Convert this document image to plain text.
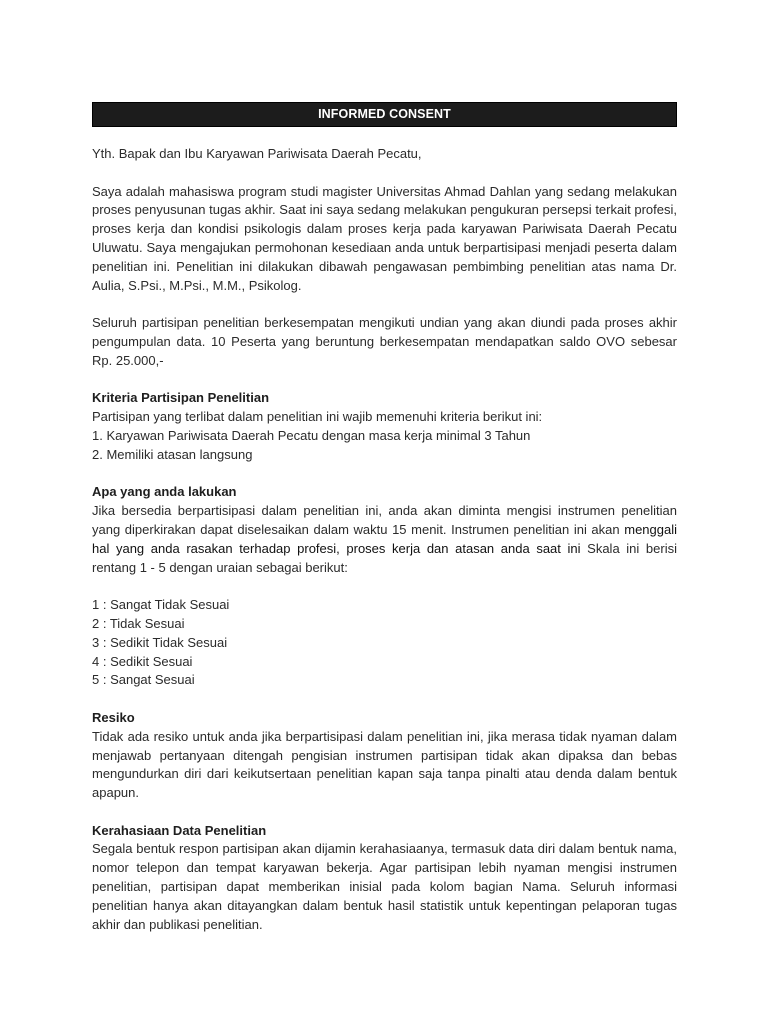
INFORMED CONSENT

Yth. Bapak dan Ibu Karyawan Pariwisata Daerah Pecatu,

Saya adalah mahasiswa program studi magister Universitas Ahmad Dahlan yang sedang melakukan proses penyusunan tugas akhir. Saat ini saya sedang melakukan pengukuran persepsi terkait profesi, proses kerja dan kondisi psikologis dalam proses kerja pada karyawan Pariwisata Daerah Pecatu Uluwatu. Saya mengajukan permohonan kesediaan anda untuk berpartisipasi menjadi peserta dalam penelitian ini. Penelitian ini dilakukan dibawah pengawasan pembimbing penelitian atas nama Dr. Aulia, S.Psi., M.Psi., M.M., Psikolog.

Seluruh partisipan penelitian berkesempatan mengikuti undian yang akan diundi pada proses akhir pengumpulan data. 10 Peserta yang beruntung berkesempatan mendapatkan saldo OVO sebesar Rp. 25.000,-

Kriteria Partisipan Penelitian

Partisipan yang terlibat dalam penelitian ini wajib memenuhi kriteria berikut ini:

1. Karyawan Pariwisata Daerah Pecatu dengan masa kerja minimal 3 Tahun

2. Memiliki atasan langsung

Apa yang anda lakukan

Jika bersedia berpartisipasi dalam penelitian ini, anda akan diminta mengisi instrumen penelitian yang diperkirakan dapat diselesaikan dalam waktu 15 menit. Instrumen penelitian ini akan menggali hal yang anda rasakan terhadap profesi, proses kerja dan atasan anda saat ini Skala ini berisi rentang 1 - 5 dengan uraian sebagai berikut:

1 : Sangat Tidak Sesuai

2 : Tidak Sesuai

3 : Sedikit Tidak Sesuai

4 : Sedikit Sesuai

5 : Sangat Sesuai

Resiko

Tidak ada resiko untuk anda jika berpartisipasi dalam penelitian ini, jika merasa tidak nyaman dalam menjawab pertanyaan ditengah pengisian instrumen partisipan tidak akan dipaksa dan bebas mengundurkan diri dari keikutsertaan penelitian kapan saja tanpa pinalti atau denda dalam bentuk apapun.

Kerahasiaan Data Penelitian

Segala bentuk respon partisipan akan dijamin kerahasiaanya, termasuk data diri dalam bentuk nama, nomor telepon dan tempat karyawan bekerja. Agar partisipan lebih nyaman mengisi instrumen penelitian, partisipan dapat memberikan inisial pada kolom bagian Nama. Seluruh informasi penelitian hanya akan ditayangkan dalam bentuk hasil statistik untuk kepentingan pelaporan tugas akhir dan publikasi penelitian.
